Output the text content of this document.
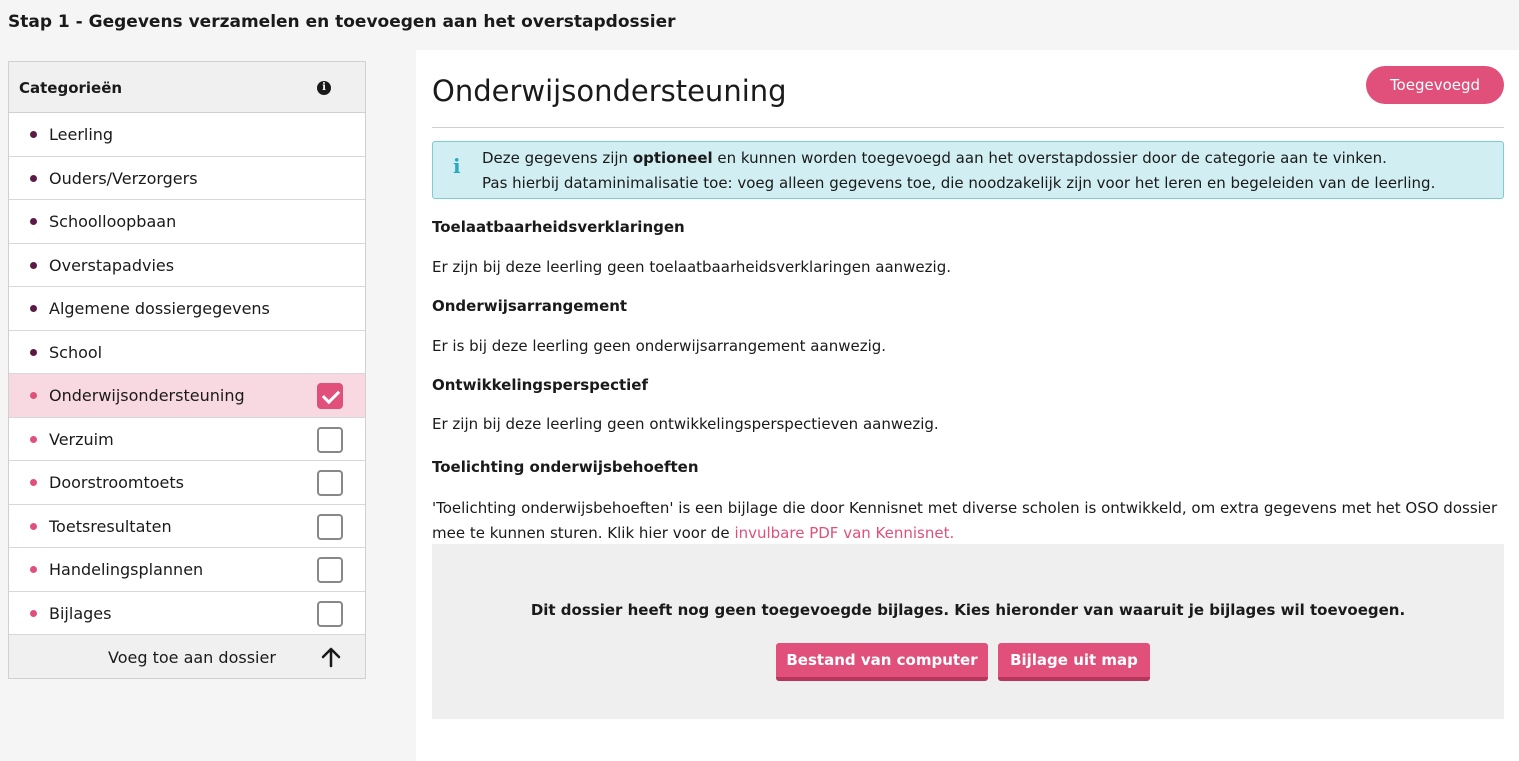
Stap 1 - Gegevens verzamelen en toevoegen aan het overstapdossier
Categorieën	i
Leerling
Ouders/Verzorgers
Schoolloopbaan
Overstapadvies
Algemene dossiergegevens
School
Onderwijsondersteuning
Verzuim
Doorstroomtoets
Toetsresultaten
Handelingsplannen
Bijlages
Voeg toe aan dossier
Onderwijsondersteuning	Toegevoegd
i Deze gegevens zijn optioneel en kunnen worden toegevoegd aan het overstapdossier door de categorie aan te vinken.
Pas hierbij dataminimalisatie toe: voeg alleen gegevens toe, die noodzakelijk zijn voor het leren en begeleiden van de leerling.
Toelaatbaarheidsverklaringen
Er zijn bij deze leerling geen toelaatbaarheidsverklaringen aanwezig.
Onderwijsarrangement
Er is bij deze leerling geen onderwijsarrangement aanwezig.
Ontwikkelingsperspectief
Er zijn bij deze leerling geen ontwikkelingsperspectieven aanwezig.
Toelichting onderwijsbehoeften
'Toelichting onderwijsbehoeften' is een bijlage die door Kennisnet met diverse scholen is ontwikkeld, om extra gegevens met het OSO dossier mee te kunnen sturen. Klik hier voor de invulbare PDF van Kennisnet.
Dit dossier heeft nog geen toegevoegde bijlages. Kies hieronder van waaruit je bijlages wil toevoegen.
Bestand van computer	Bijlage uit map
